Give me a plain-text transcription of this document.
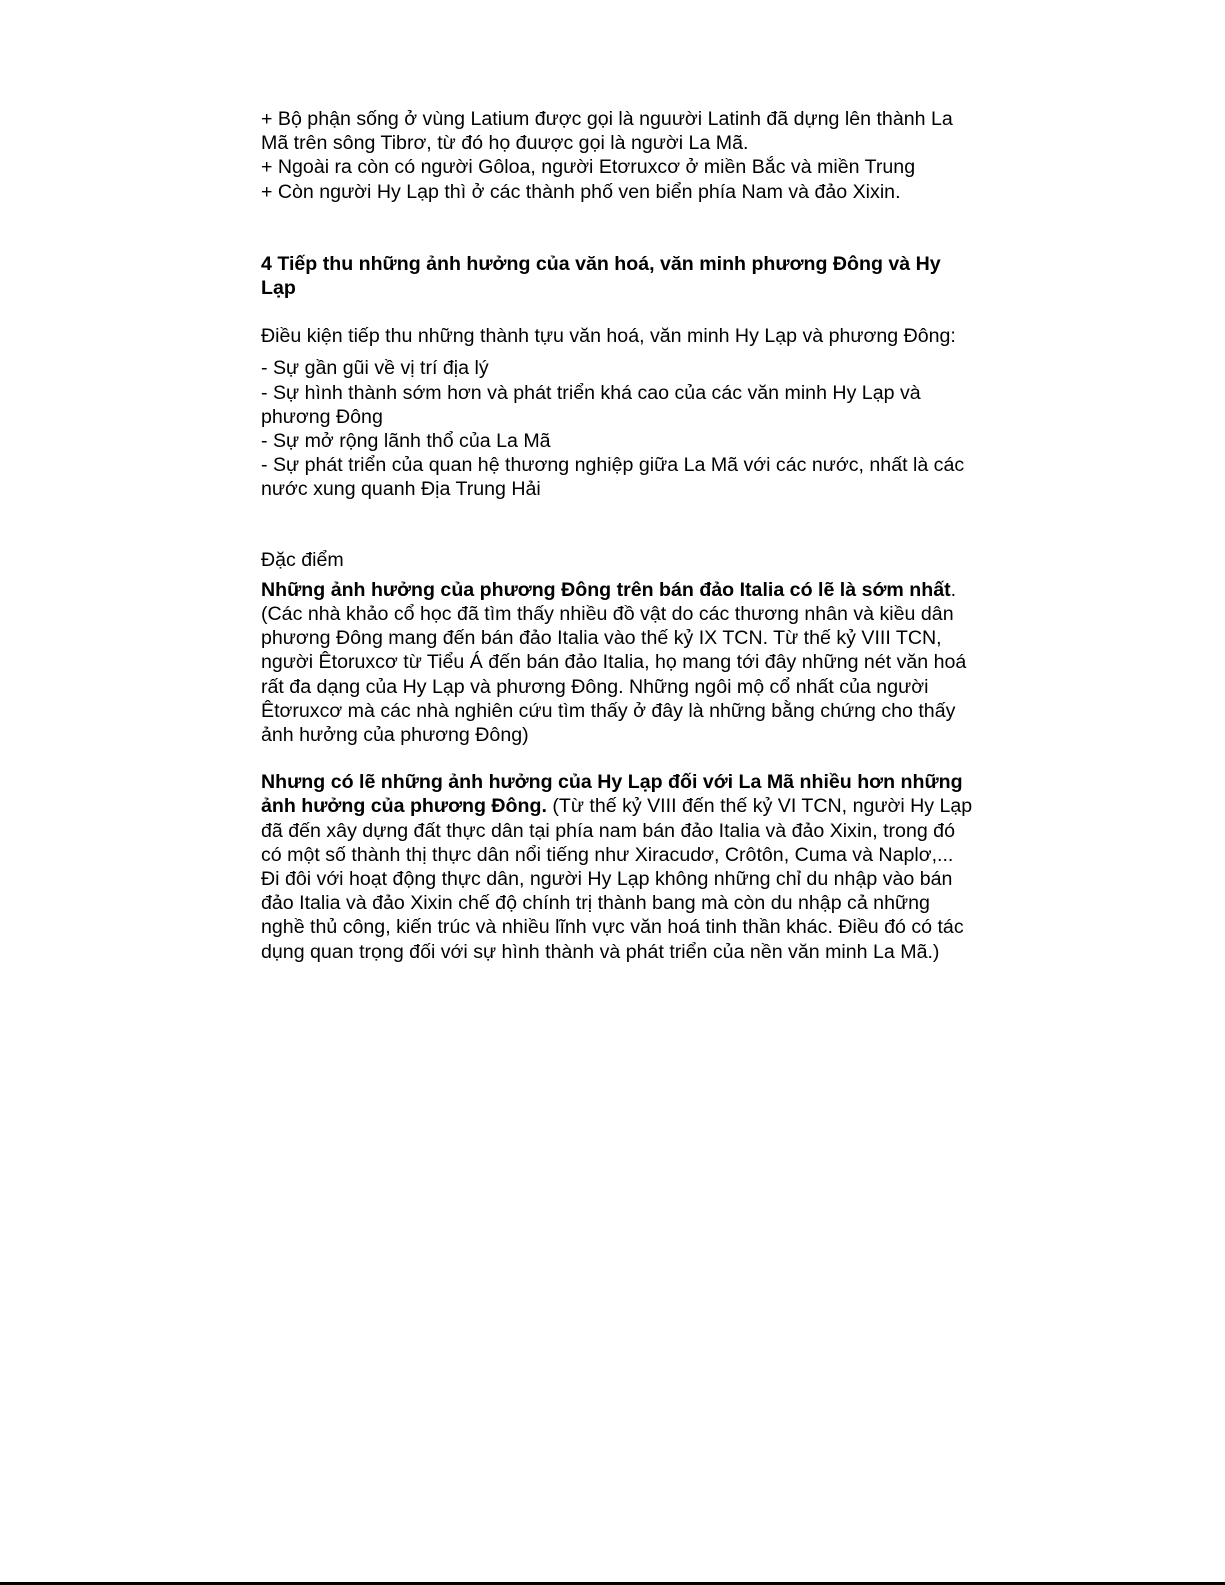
+ Bộ phận sống ở vùng Latium được gọi là nguười Latinh đã dựng lên thành La Mã trên sông Tibrơ, từ đó họ đuược gọi là người La Mã.

+ Ngoài ra còn có người Gôloa, người Etơruxcơ ở miền Bắc và miền Trung

+ Còn người Hy Lạp thì ở các thành phố ven biển phía Nam và đảo Xixin.

4 Tiếp thu những ảnh hưởng của văn hoá, văn minh phương Đông và Hy Lạp

Điều kiện tiếp thu những thành tựu văn hoá, văn minh Hy Lạp và phương Đông:

- Sự gần gũi về vị trí địa lý

- Sự hình thành sớm hơn và phát triển khá cao của các văn minh Hy Lạp và phương Đông

- Sự mở rộng lãnh thổ của La Mã

- Sự phát triển của quan hệ thương nghiệp giữa La Mã với các nước, nhất là các nước xung quanh Địa Trung Hải

Đặc điểm

Những ảnh hưởng của phương Đông trên bán đảo Italia có lẽ là sớm nhất. (Các nhà khảo cổ học đã tìm thấy nhiều đồ vật do các thương nhân và kiều dân phương Đông mang đến bán đảo Italia vào thế kỷ IX TCN. Từ thế kỷ VIII TCN, người Êtoruxcơ từ Tiểu Á đến bán đảo Italia, họ mang tới đây những nét văn hoá rất đa dạng của Hy Lạp và phương Đông. Những ngôi mộ cổ nhất của người Êtơruxcơ mà các nhà nghiên cứu tìm thấy ở đây là những bằng chứng cho thấy ảnh hưởng của phương Đông)

Nhưng có lẽ những ảnh hưởng của Hy Lạp đối với La Mã nhiều hơn những ảnh hưởng của phương Đông. (Từ thế kỷ VIII đến thế kỷ VI TCN, người Hy Lạp đã đến xây dựng đất thực dân tại phía nam bán đảo Italia và đảo Xixin, trong đó có một số thành thị thực dân nổi tiếng như Xiracudơ, Crôtôn, Cuma và Naplơ,... Đi đôi với hoạt động thực dân, người Hy Lạp không những chỉ du nhập vào bán đảo Italia và đảo Xixin chế độ chính trị thành bang mà còn du nhập cả những nghề thủ công, kiến trúc và nhiều lĩnh vực văn hoá tinh thần khác. Điều đó có tác dụng quan trọng đối với sự hình thành và phát triển của nền văn minh La Mã.)
